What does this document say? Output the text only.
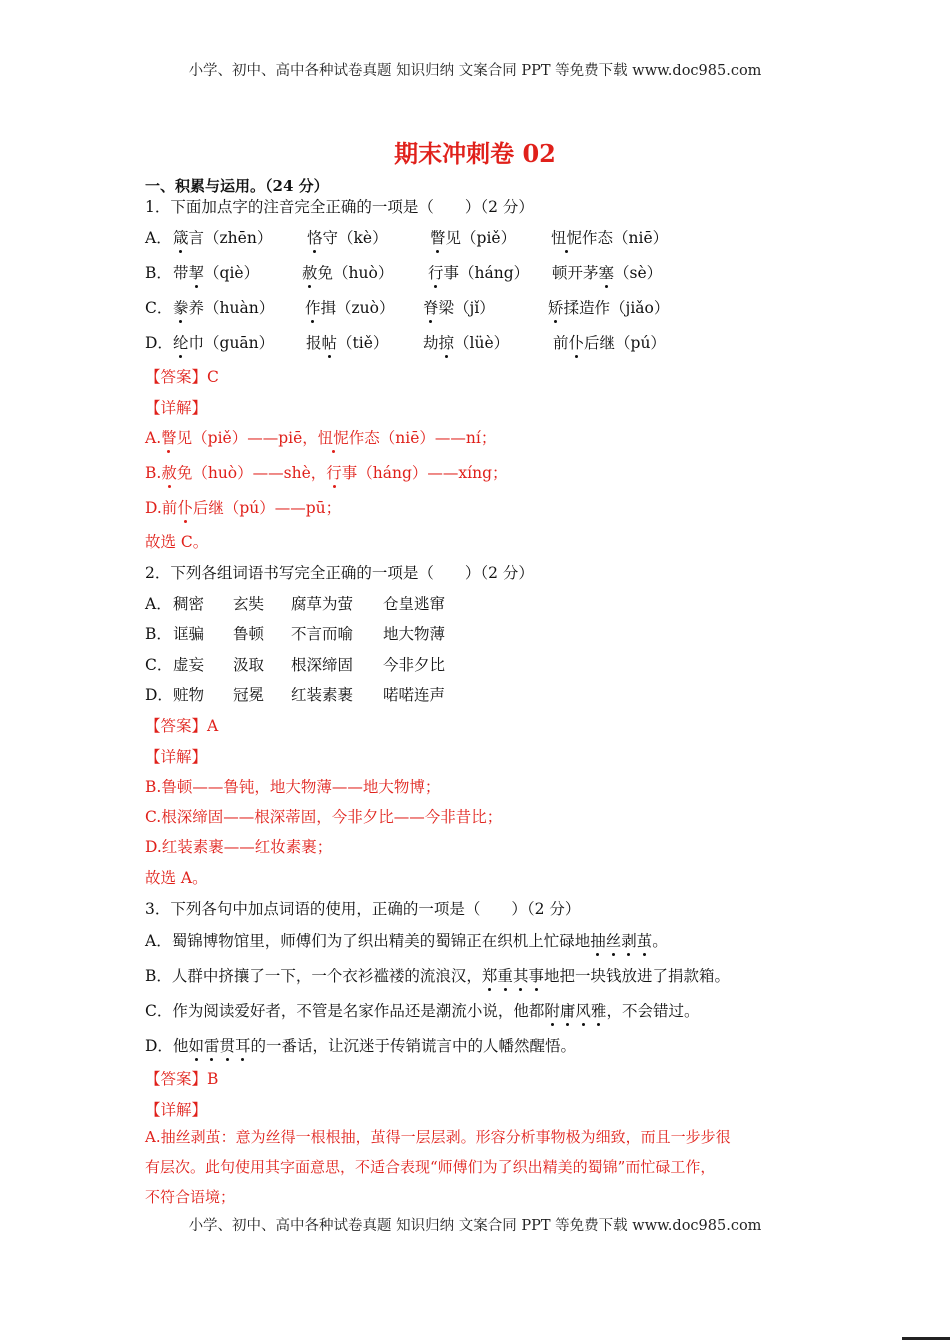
小学、初中、高中各种试卷真题 知识归纳 文案合同 PPT 等免费下载 www.doc985.com
期末冲刺卷 02
一、积累与运用。（24 分）
1．下面加点字的注音完全正确的一项是（　　）（2 分）
A． 箴言（zhēn） 恪守（kè）	瞥见（piě） 忸怩作态（niē）
B． 带挈（qiè）	赦免（huò） 行事（háng） 顿开茅塞（sè）
C． 豢养（huàn） 作揖（zuò） 脊梁（jǐ）	矫揉造作（jiǎo）
D． 纶巾（guān） 报帖（tiě） 劫掠（lüè）	前仆后继（pú）
【答案】C
【详解】
A.瞥见（piě）——piē，忸怩作态（niē）——ní；
B.赦免（huò）——shè，行事（háng）——xíng；
D.前仆后继（pú）——pū；
故选 C。
2．下列各组词语书写完全正确的一项是（　　）（2 分）
A． 稠密 玄奘 腐草为萤 仓皇逃窜
B． 诓骗 鲁顿 不言而喻 地大物薄
C． 虚妄 汲取 根深缔固 今非夕比
D． 赃物 冠冕 红装素裹 喏喏连声
【答案】A
【详解】
B.鲁顿——鲁钝，地大物薄——地大物博；
C.根深缔固——根深蒂固，今非夕比——今非昔比；
D.红装素裹——红妆素裹；
故选 A。
3．下列各句中加点词语的使用，正确的一项是（　　）（2 分）
A．蜀锦博物馆里，师傅们为了织出精美的蜀锦正在织机上忙碌地抽丝剥茧。
B．人群中挤攘了一下，一个衣衫褴褛的流浪汉，郑重其事地把一块钱放进了捐款箱。
C．作为阅读爱好者，不管是名家作品还是潮流小说，他都附庸风雅，不会错过。
D．他如雷贯耳的一番话，让沉迷于传销谎言中的人幡然醒悟。
【答案】B
【详解】
A.抽丝剥茧：意为丝得一根根抽，茧得一层层剥。形容分析事物极为细致，而且一步步很
有层次。此句使用其字面意思，不适合表现“师傅们为了织出精美的蜀锦”而忙碌工作，
不符合语境；
小学、初中、高中各种试卷真题 知识归纳 文案合同 PPT 等免费下载 www.doc985.com
